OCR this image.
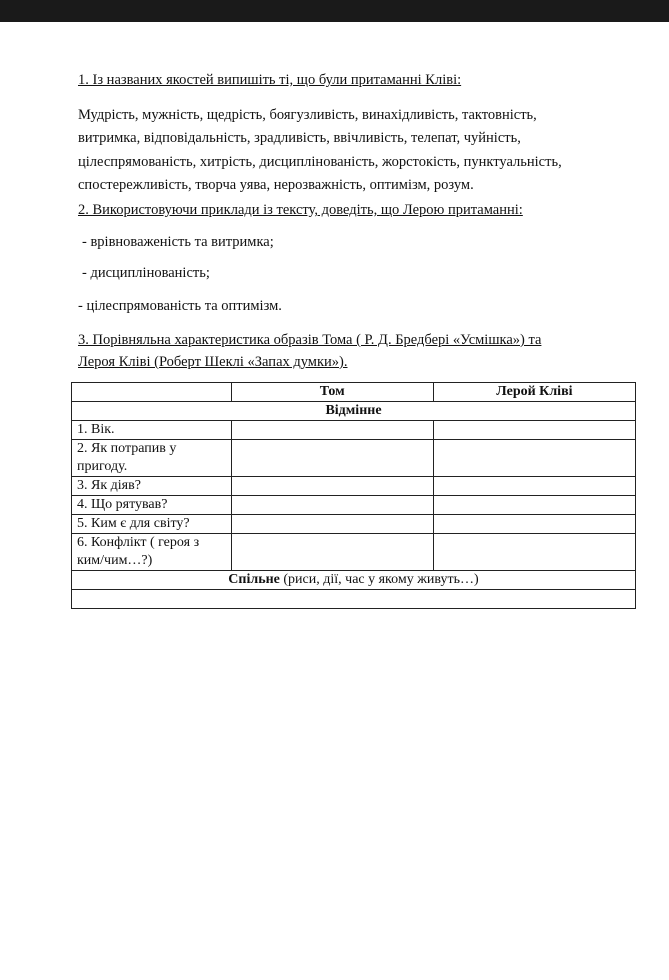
1. Із названих якостей випишіть ті, що були притаманні Кліві:
Мудрість, мужність, щедрість, боягузливість, винахідливість, тактовність,
витримка, відповідальність, зрадливість, ввічливість, телепат, чуйність,
цілеспрямованість, хитрість, дисциплінованість, жорстокість, пунктуальність,
спостережливість, творча уява, нерозважність, оптимізм, розум.
2. Використовуючи приклади із тексту, доведіть, що Лерою притаманні:
- врівноваженість та витримка;
- дисциплінованість;
- цілеспрямованість та оптимізм.
3. Порівняльна характеристика образів Тома ( Р. Д. Бредбері «Усмішка») та
Лероя Кліві (Роберт Шеклі «Запах думки»).
	Том	Лерой Кліві
Відмінне		
1. Вік.		
2. Як потрапив у пригоду.		
3. Як діяв?		
4. Що рятував?		
5. Ким є для світу?		
6. Конфлікт ( героя з ким/чим…?)		
Спільне (риси, дії, час у якому живуть…)		
